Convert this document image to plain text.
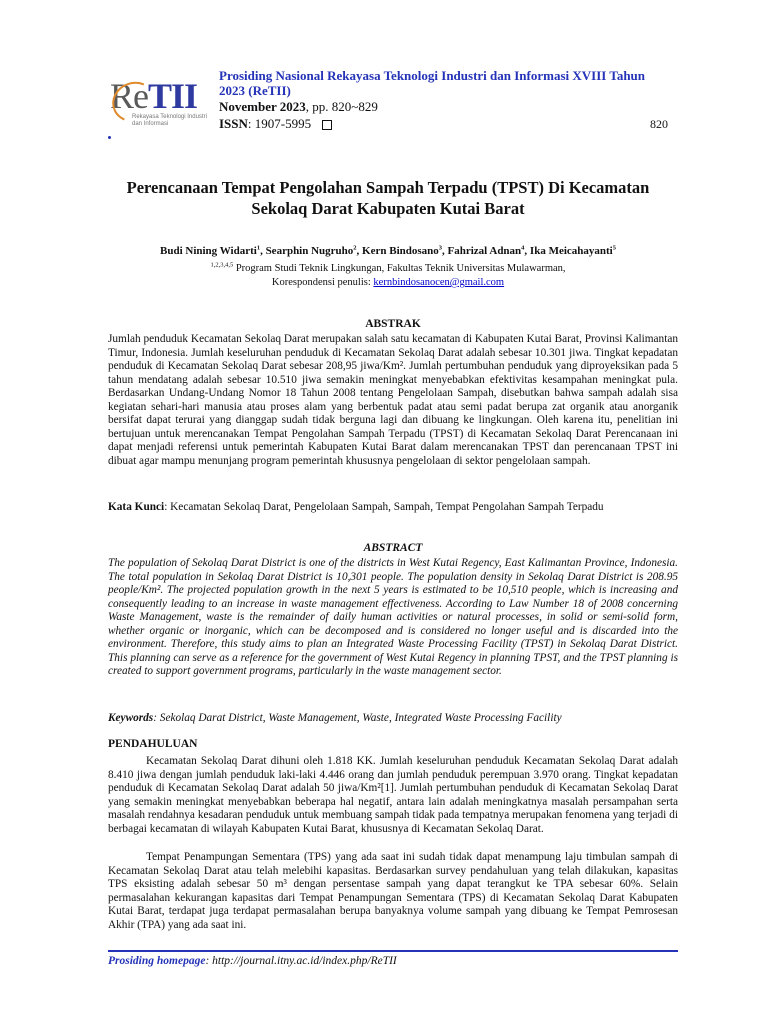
ReTII
Rekayasa Teknologi Industri dan Informasi
Prosiding Nasional Rekayasa Teknologi Industri dan Informasi XVIII Tahun 2023 (ReTII)
November 2023, pp. 820~829
ISSN: 1907-5995	820
Perencanaan Tempat Pengolahan Sampah Terpadu (TPST) Di Kecamatan Sekolaq Darat Kabupaten Kutai Barat
Budi Nining Widarti$^1$, Searphin Nugruho$^2$, Kern Bindosano$^3$, Fahrizal Adnan$^4$, Ika Meicahayanti$^5$
$^{1,2,3,4,5}$ Program Studi Teknik Lingkungan, Fakultas Teknik Universitas Mulawarman,
Korespondensi penulis: kernbindosanocen@gmail.com
ABSTRAK
Jumlah penduduk Kecamatan Sekolaq Darat merupakan salah satu kecamatan di Kabupaten Kutai Barat, Provinsi Kalimantan Timur, Indonesia. Jumlah keseluruhan penduduk di Kecamatan Sekolaq Darat adalah sebesar 10.301 jiwa. Tingkat kepadatan penduduk di Kecamatan Sekolaq Darat sebesar 208,95 jiwa/Km². Jumlah pertumbuhan penduduk yang diproyeksikan pada 5 tahun mendatang adalah sebesar 10.510 jiwa semakin meningkat menyebabkan efektivitas kesampahan meningkat pula. Berdasarkan Undang-Undang Nomor 18 Tahun 2008 tentang Pengelolaan Sampah, disebutkan bahwa sampah adalah sisa kegiatan sehari-hari manusia atau proses alam yang berbentuk padat atau semi padat berupa zat organik atau anorganik bersifat dapat terurai yang dianggap sudah tidak berguna lagi dan dibuang ke lingkungan. Oleh karena itu, penelitian ini bertujuan untuk merencanakan Tempat Pengolahan Sampah Terpadu (TPST) di Kecamatan Sekolaq Darat Perencanaan ini dapat menjadi referensi untuk pemerintah Kabupaten Kutai Barat dalam merencanakan TPST dan perencanaan TPST ini dibuat agar mampu menunjang program pemerintah khususnya pengelolaan di sektor pengelolaan sampah.
Kata Kunci: Kecamatan Sekolaq Darat, Pengelolaan Sampah, Sampah, Tempat Pengolahan Sampah Terpadu
ABSTRACT
The population of Sekolaq Darat District is one of the districts in West Kutai Regency, East Kalimantan Province, Indonesia. The total population in Sekolaq Darat District is 10,301 people. The population density in Sekolaq Darat District is 208.95 people/Km². The projected population growth in the next 5 years is estimated to be 10,510 people, which is increasing and consequently leading to an increase in waste management effectiveness. According to Law Number 18 of 2008 concerning Waste Management, waste is the remainder of daily human activities or natural processes, in solid or semi-solid form, whether organic or inorganic, which can be decomposed and is considered no longer useful and is discarded into the environment. Therefore, this study aims to plan an Integrated Waste Processing Facility (TPST) in Sekolaq Darat District. This planning can serve as a reference for the government of West Kutai Regency in planning TPST, and the TPST planning is created to support government programs, particularly in the waste management sector.
Keywords: Sekolaq Darat District, Waste Management, Waste, Integrated Waste Processing Facility
PENDAHULUAN
Kecamatan Sekolaq Darat dihuni oleh 1.818 KK. Jumlah keseluruhan penduduk Kecamatan Sekolaq Darat adalah 8.410 jiwa dengan jumlah penduduk laki-laki 4.446 orang dan jumlah penduduk perempuan 3.970 orang. Tingkat kepadatan penduduk di Kecamatan Sekolaq Darat adalah 50 jiwa/Km²[1]. Jumlah pertumbuhan penduduk di Kecamatan Sekolaq Darat yang semakin meningkat menyebabkan beberapa hal negatif, antara lain adalah meningkatnya masalah persampahan serta masalah rendahnya kesadaran penduduk untuk membuang sampah tidak pada tempatnya merupakan fenomena yang terjadi di berbagai kecamatan di wilayah Kabupaten Kutai Barat, khususnya di Kecamatan Sekolaq Darat.
Tempat Penampungan Sementara (TPS) yang ada saat ini sudah tidak dapat menampung laju timbulan sampah di Kecamatan Sekolaq Darat atau telah melebihi kapasitas. Berdasarkan survey pendahuluan yang telah dilakukan, kapasitas TPS eksisting adalah sebesar 50 m³ dengan persentase sampah yang dapat terangkut ke TPA sebesar 60%. Selain permasalahan kekurangan kapasitas dari Tempat Penampungan Sementara (TPS) di Kecamatan Sekolaq Darat Kabupaten Kutai Barat, terdapat juga terdapat permasalahan berupa banyaknya volume sampah yang dibuang ke Tempat Pemrosesan Akhir (TPA) yang ada saat ini.
Prosiding homepage: http://journal.itny.ac.id/index.php/ReTII
